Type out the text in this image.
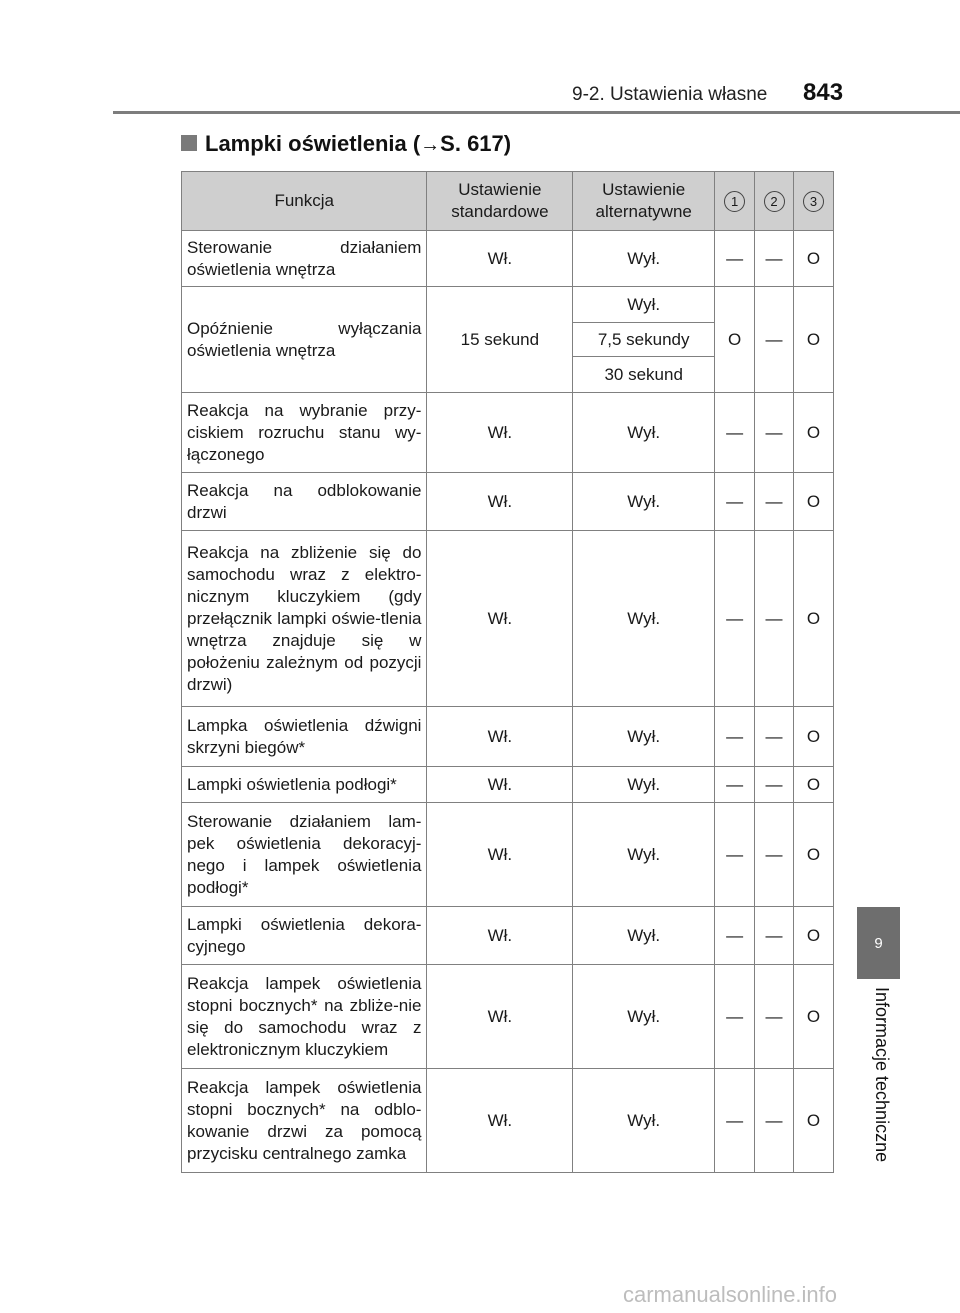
9-2. Ustawienia własne 843
Lampki oświetlenia (→S. 617)
Funkcja	Ustawienie standardowe	Ustawienie alternatywne	1	2	3
Sterowanie działaniem oświetlenia wnętrza	Wł.	Wył.	—	—	O
Opóźnienie wyłączania oświetlenia wnętrza	15 sekund	Wył.	O	—	O
		7,5 sekundy			
		30 sekund			
Reakcja na wybranie przy-ciskiem rozruchu stanu wy-łączonego	Wł.	Wył.	—	—	O
Reakcja na odblokowanie drzwi	Wł.	Wył.	—	—	O
Reakcja na zbliżenie się do samochodu wraz z elektro-nicznym kluczykiem (gdy przełącznik lampki oświe-tlenia wnętrza znajduje się w położeniu zależnym od pozycji drzwi)	Wł.	Wył.	—	—	O
Lampka oświetlenia dźwigni skrzyni biegów*	Wł.	Wył.	—	—	O
Lampki oświetlenia podłogi*	Wł.	Wył.	—	—	O
Sterowanie działaniem lam-pek oświetlenia dekoracyj-nego i lampek oświetlenia podłogi*	Wł.	Wył.	—	—	O
Lampki oświetlenia dekora-cyjnego	Wł.	Wył.	—	—	O
Reakcja lampek oświetlenia stopni bocznych* na zbliże-nie się do samochodu wraz z elektronicznym kluczykiem	Wł.	Wył.	—	—	O
Reakcja lampek oświetlenia stopni bocznych* na odblo-kowanie drzwi za pomocą przycisku centralnego zamka	Wł.	Wył.	—	—	O
9
Informacje techniczne
carmanualsonline.info
